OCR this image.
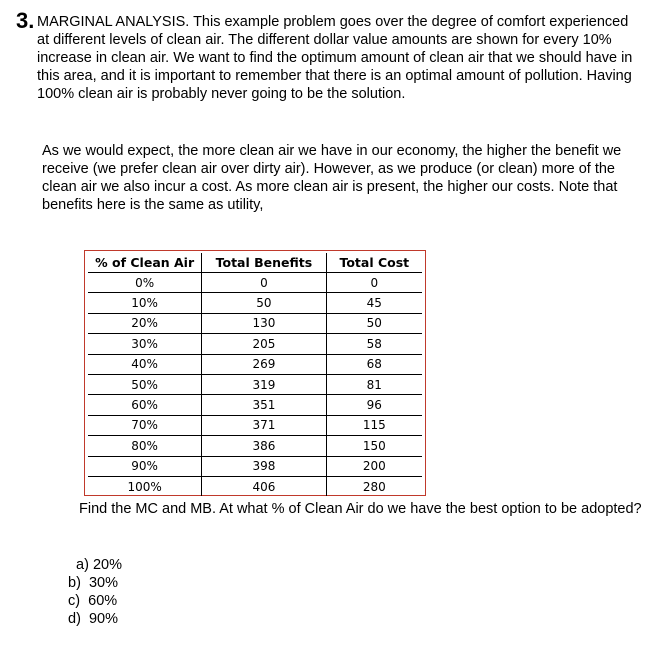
3. MARGINAL ANALYSIS. This example problem goes over the degree of comfort experienced at different levels of clean air. The different dollar value amounts are shown for every 10% increase in clean air. We want to find the optimum amount of clean air that we should have in this area, and it is important to remember that there is an optimal amount of pollution. Having 100% clean air is probably never going to be the solution.
As we would expect, the more clean air we have in our economy, the higher the benefit we receive (we prefer clean air over dirty air). However, as we produce (or clean) more of the clean air we also incur a cost. As more clean air is present, the higher our costs. Note that benefits here is the same as utility,
% of Clean Air	Total Benefits	Total Cost
0%	0	0
10%	50	45
20%	130	50
30%	205	58
40%	269	68
50%	319	81
60%	351	96
70%	371	115
80%	386	150
90%	398	200
100%	406	280
Find the MC and MB. At what % of Clean Air do we have the best option to be adopted?
a) 20%
b)  30%
c)  60%
d)  90%
